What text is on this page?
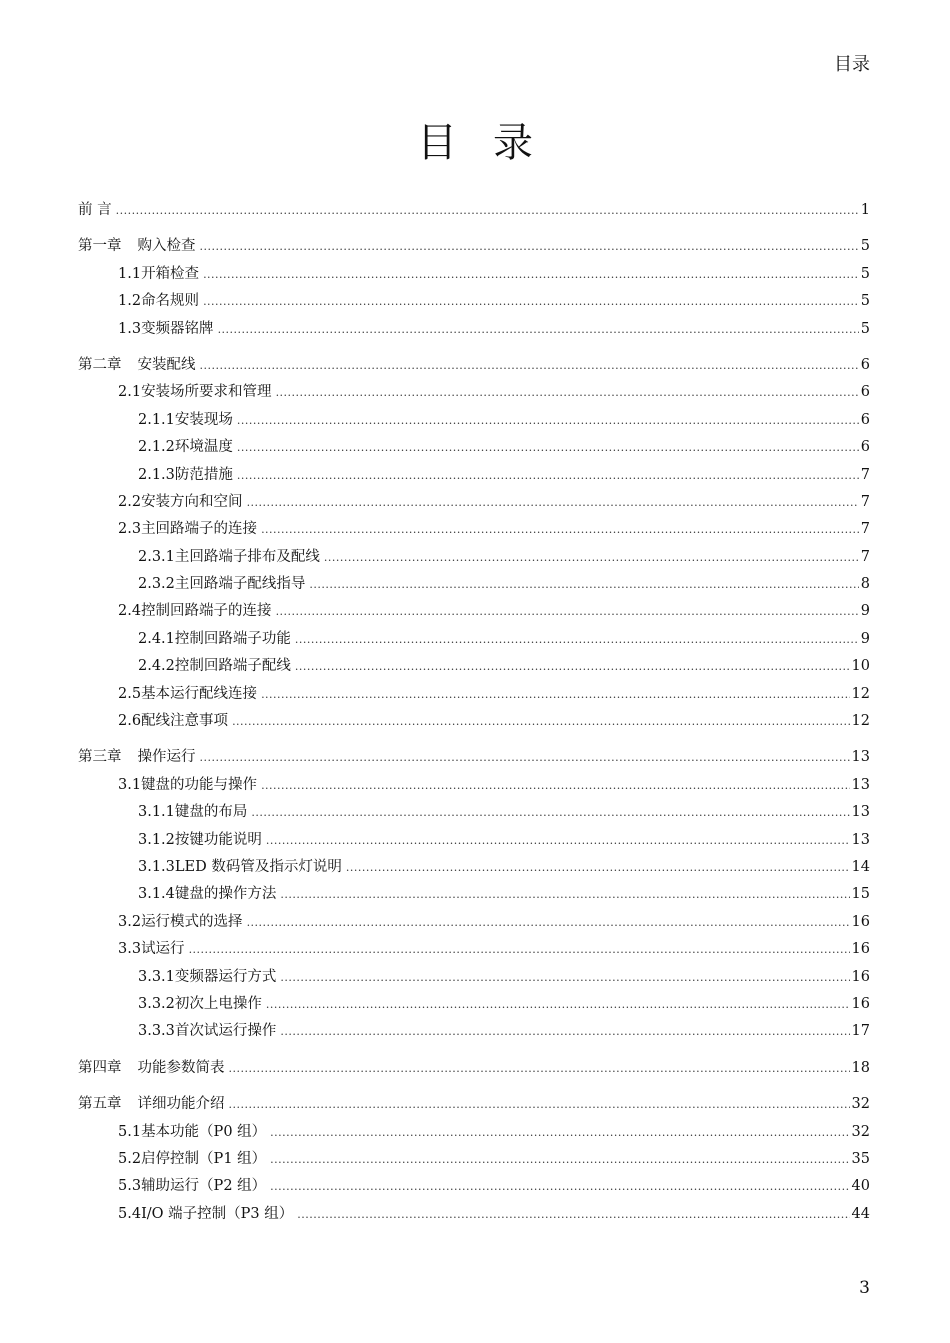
目录
目录
前 言 .....	1
第一章 购入检查 .....	5
1.1 开箱检查 .....	5
1.2 命名规则 .....	5
1.3 变频器铭牌 .....	5
第二章 安装配线 .....	6
2.1 安装场所要求和管理 .....	6
2.1.1 安装现场 .....	6
2.1.2 环境温度 .....	6
2.1.3 防范措施 .....	7
2.2 安装方向和空间 .....	7
2.3 主回路端子的连接 .....	7
2.3.1 主回路端子排布及配线 .....	7
2.3.2 主回路端子配线指导 .....	8
2.4 控制回路端子的连接 .....	9
2.4.1 控制回路端子功能 .....	9
2.4.2 控制回路端子配线 .....	10
2.5 基本运行配线连接 .....	12
2.6 配线注意事项 .....	12
第三章 操作运行 .....	13
3.1 键盘的功能与操作 .....	13
3.1.1 键盘的布局 .....	13
3.1.2 按键功能说明 .....	13
3.1.3 LED 数码管及指示灯说明 .....	14
3.1.4 键盘的操作方法 .....	15
3.2 运行模式的选择 .....	16
3.3 试运行 .....	16
3.3.1 变频器运行方式 .....	16
3.3.2 初次上电操作 .....	16
3.3.3 首次试运行操作 .....	17
第四章 功能参数简表 .....	18
第五章 详细功能介绍 .....	32
5.1 基本功能（P0 组） .....	32
5.2 启停控制（P1 组） .....	35
5.3 辅助运行（P2 组） .....	40
5.4 I/O 端子控制（P3 组） .....	44
3
